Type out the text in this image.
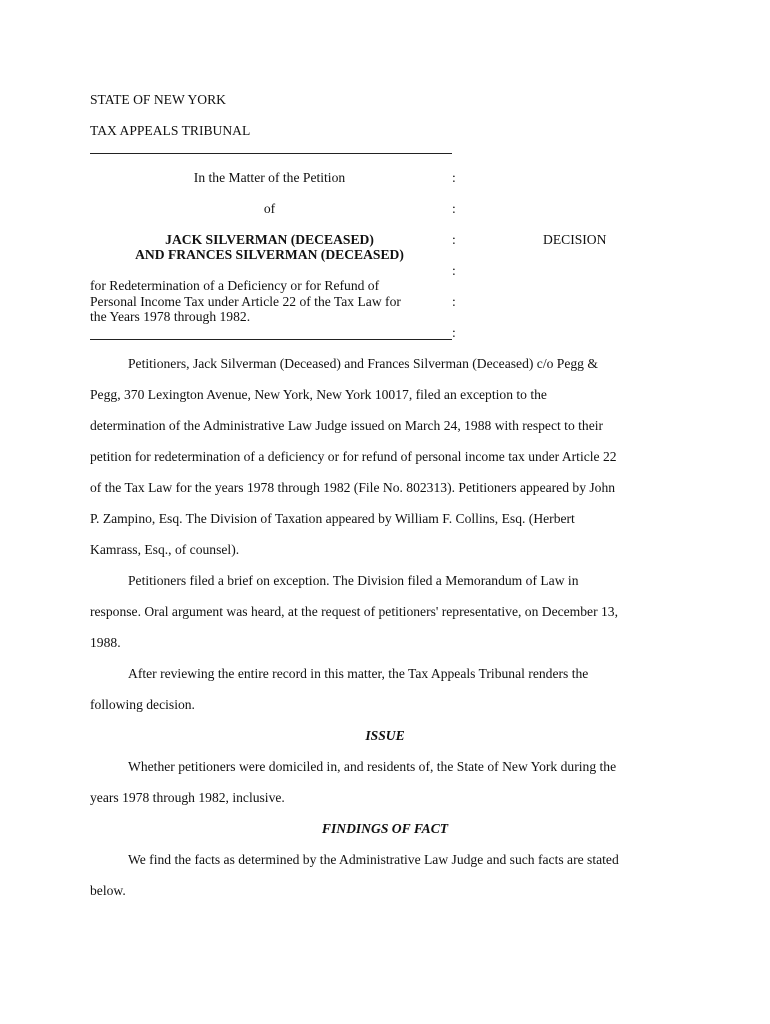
STATE OF NEW YORK
TAX APPEALS TRIBUNAL
In the Matter of the Petition	:
of	:
JACK SILVERMAN (DECEASED)	:	DECISION
AND FRANCES SILVERMAN (DECEASED)
:
for Redetermination of a Deficiency or for Refund of
Personal Income Tax under Article 22 of the Tax Law for	:
the Years 1978 through 1982.
:

Petitioners, Jack Silverman (Deceased) and Frances Silverman (Deceased) c/o Pegg &
Pegg, 370 Lexington Avenue, New York, New York 10017, filed an exception to the
determination of the Administrative Law Judge issued on March 24, 1988 with respect to their
petition for redetermination of a deficiency or for refund of personal income tax under Article 22
of the Tax Law for the years 1978 through 1982 (File No. 802313). Petitioners appeared by John
P. Zampino, Esq. The Division of Taxation appeared by William F. Collins, Esq. (Herbert
Kamrass, Esq., of counsel).

Petitioners filed a brief on exception. The Division filed a Memorandum of Law in
response. Oral argument was heard, at the request of petitioners' representative, on December 13,
1988.

After reviewing the entire record in this matter, the Tax Appeals Tribunal renders the
following decision.

ISSUE

Whether petitioners were domiciled in, and residents of, the State of New York during the
years 1978 through 1982, inclusive.

FINDINGS OF FACT

We find the facts as determined by the Administrative Law Judge and such facts are stated
below.
